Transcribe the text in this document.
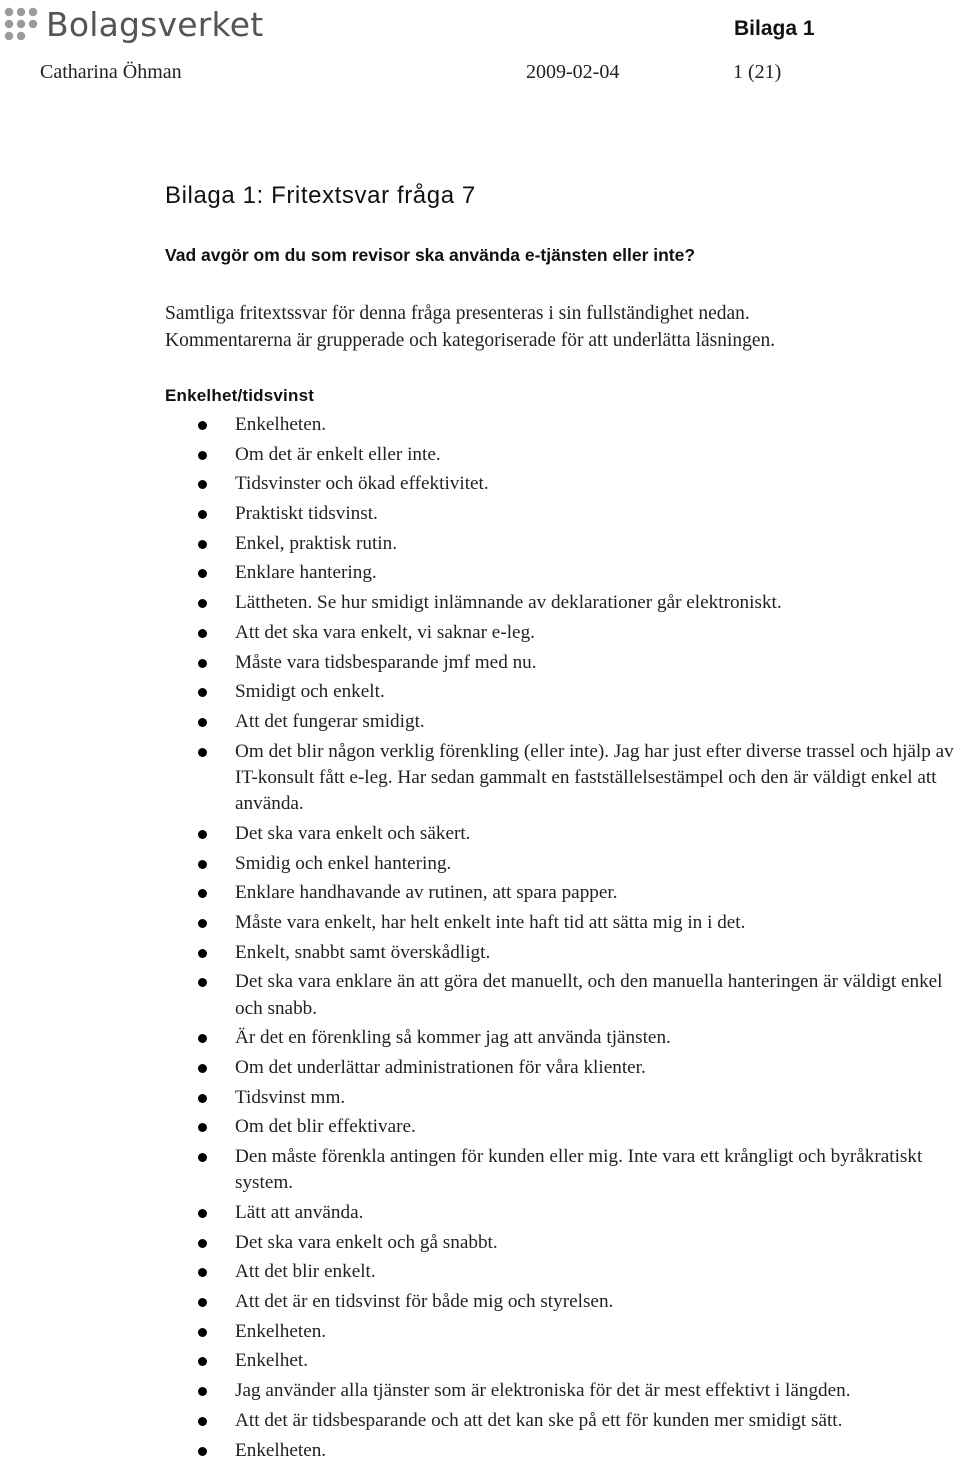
Bolagsverket	Bilaga 1
Catharina Öhman	2009-02-04	1 (21)
Bilaga 1: Fritextsvar fråga 7
Vad avgör om du som revisor ska använda e-tjänsten eller inte?

Samtliga fritextssvar för denna fråga presenteras i sin fullständighet nedan.

Kommentarerna är grupperade och kategoriserade för att underlätta läsningen.

Enkelhet/tidsvinst
Enkelheten.
Om det är enkelt eller inte.
Tidsvinster och ökad effektivitet.
Praktiskt tidsvinst.
Enkel, praktisk rutin.
Enklare hantering.
Lättheten. Se hur smidigt inlämnande av deklarationer går elektroniskt.
Att det ska vara enkelt, vi saknar e-leg.
Måste vara tidsbesparande jmf med nu.
Smidigt och enkelt.
Att det fungerar smidigt.
Om det blir någon verklig förenkling (eller inte). Jag har just efter diverse trassel och hjälp av IT-konsult fått e-leg. Har sedan gammalt en fastställelsestämpel och den är väldigt enkel att använda.
Det ska vara enkelt och säkert.
Smidig och enkel hantering.
Enklare handhavande av rutinen, att spara papper.
Måste vara enkelt, har helt enkelt inte haft tid att sätta mig in i det.
Enkelt, snabbt samt överskådligt.
Det ska vara enklare än att göra det manuellt, och den manuella hanteringen är väldigt enkel och snabb.
Är det en förenkling så kommer jag att använda tjänsten.
Om det underlättar administrationen för våra klienter.
Tidsvinst mm.
Om det blir effektivare.
Den måste förenkla antingen för kunden eller mig. Inte vara ett krångligt och byråkratiskt system.
Lätt att använda.
Det ska vara enkelt och gå snabbt.
Att det blir enkelt.
Att det är en tidsvinst för både mig och styrelsen.
Enkelheten.
Enkelhet.
Jag använder alla tjänster som är elektroniska för det är mest effektivt i längden.
Att det är tidsbesparande och att det kan ske på ett för kunden mer smidigt sätt.
Enkelheten.
